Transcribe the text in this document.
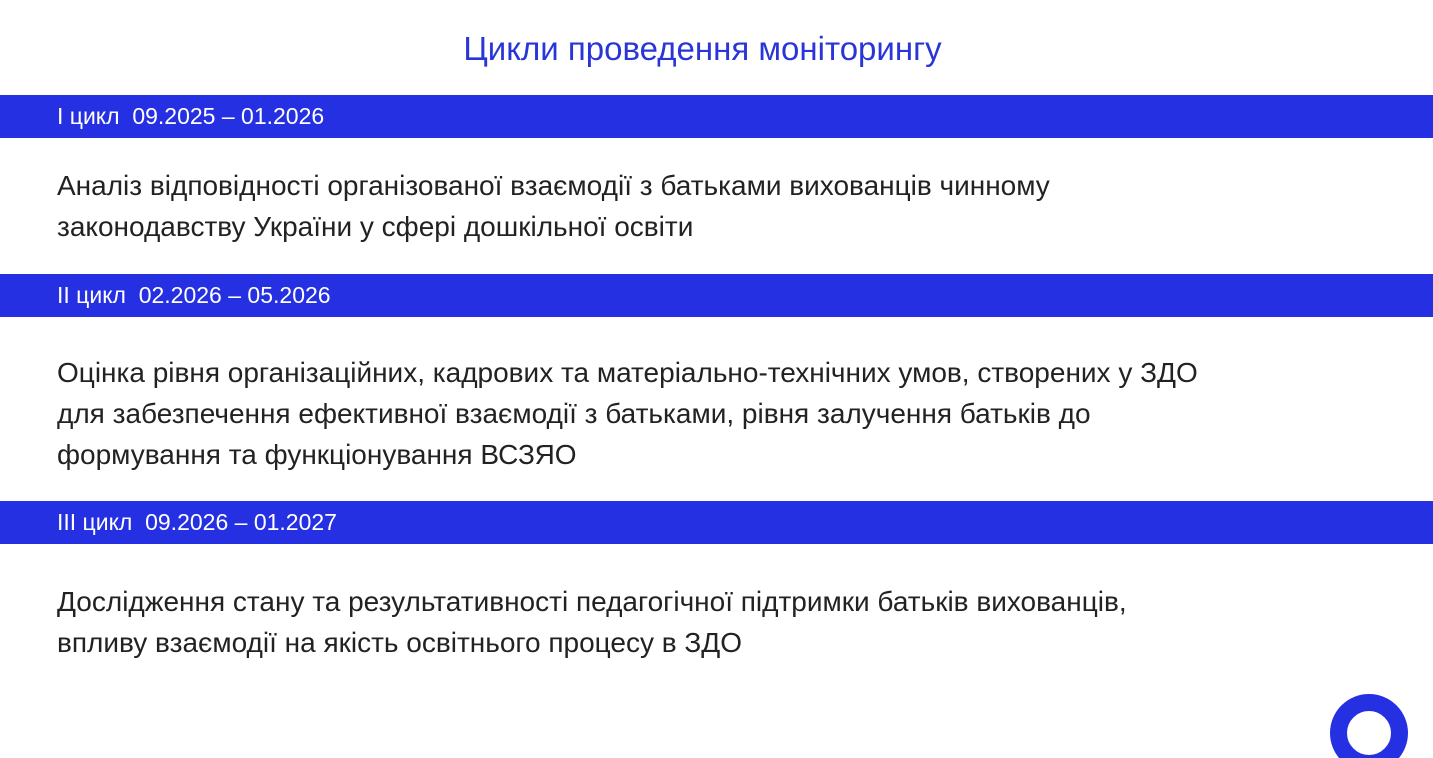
Цикли проведення моніторингу
I цикл  09.2025 – 01.2026

Аналіз відповідності організованої взаємодії з батьками вихованців чинному
законодавству України у сфері дошкільної освіти

II цикл  02.2026 – 05.2026

Оцінка рівня організаційних, кадрових та матеріально-технічних умов, створених у ЗДО
для забезпечення ефективної взаємодії з батьками, рівня залучення батьків до
формування та функціонування ВСЗЯО

III цикл  09.2026 – 01.2027

Дослідження стану та результативності педагогічної підтримки батьків вихованців,
впливу взаємодії на якість освітнього процесу в ЗДО
